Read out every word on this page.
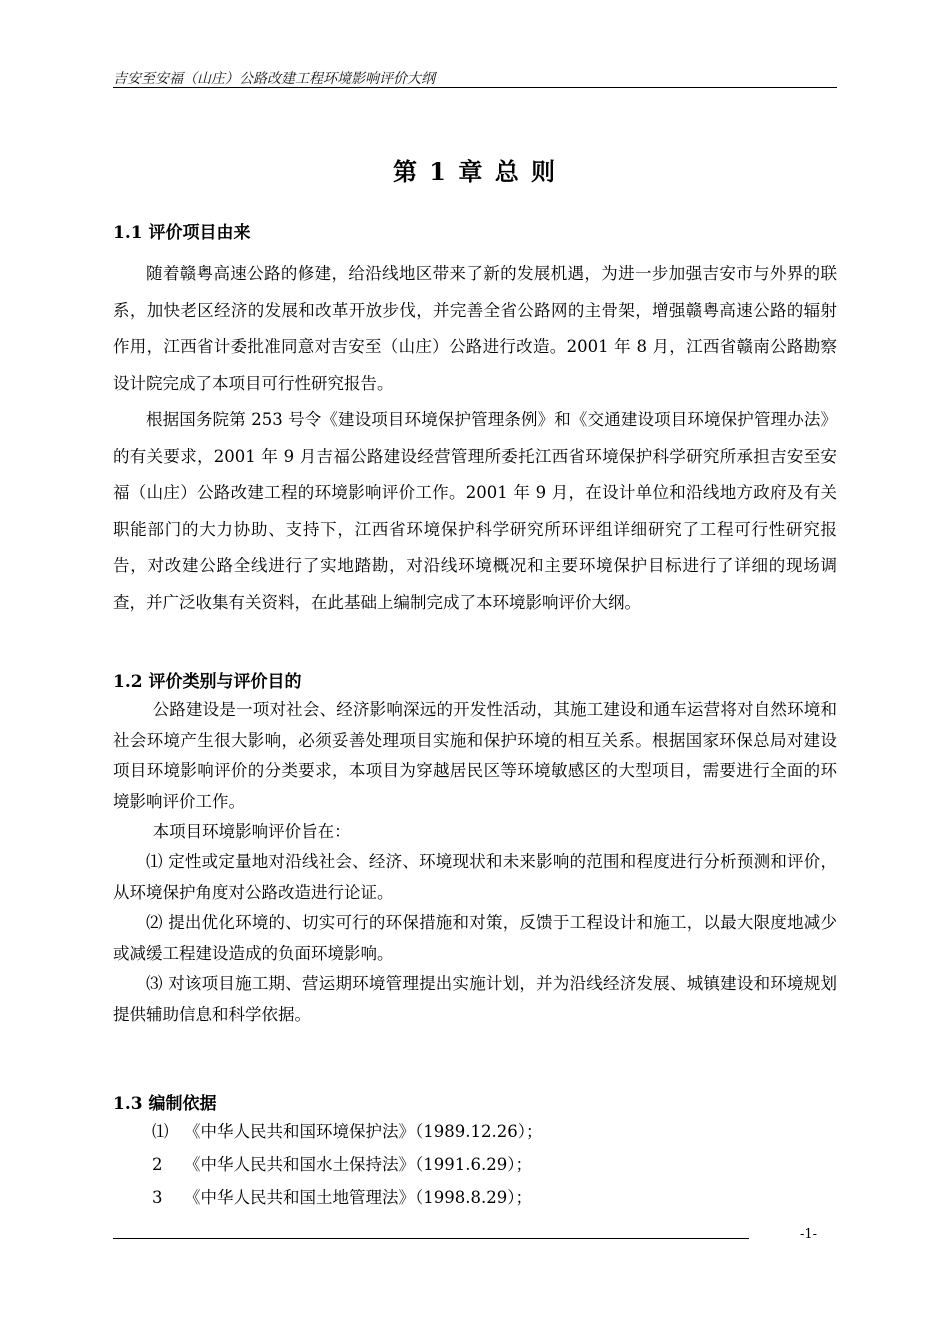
吉安至安福（山庄）公路改建工程环境影响评价大纲
第 1 章 总 则
1.1 评价项目由来

随着赣粤高速公路的修建，给沿线地区带来了新的发展机遇，为进一步加强吉安市与外界的联系，加快老区经济的发展和改革开放步伐，并完善全省公路网的主骨架，增强赣粤高速公路的辐射作用，江西省计委批准同意对吉安至（山庄）公路进行改造。2001 年 8 月，江西省赣南公路勘察设计院完成了本项目可行性研究报告。

根据国务院第 253 号令《建设项目环境保护管理条例》和《交通建设项目环境保护管理办法》的有关要求，2001 年 9 月吉福公路建设经营管理所委托江西省环境保护科学研究所承担吉安至安福（山庄）公路改建工程的环境影响评价工作。2001 年 9 月，在设计单位和沿线地方政府及有关职能部门的大力协助、支持下，江西省环境保护科学研究所环评组详细研究了工程可行性研究报告，对改建公路全线进行了实地踏勘，对沿线环境概况和主要环境保护目标进行了详细的现场调查，并广泛收集有关资料，在此基础上编制完成了本环境影响评价大纲。

1.2 评价类别与评价目的

公路建设是一项对社会、经济影响深远的开发性活动，其施工建设和通车运营将对自然环境和社会环境产生很大影响，必须妥善处理项目实施和保护环境的相互关系。根据国家环保总局对建设项目环境影响评价的分类要求，本项目为穿越居民区等环境敏感区的大型项目，需要进行全面的环境影响评价工作。

本项目环境影响评价旨在：

⑴ 定性或定量地对沿线社会、经济、环境现状和未来影响的范围和程度进行分析预测和评价，从环境保护角度对公路改造进行论证。

⑵ 提出优化环境的、切实可行的环保措施和对策，反馈于工程设计和施工，以最大限度地减少或减缓工程建设造成的负面环境影响。

⑶ 对该项目施工期、营运期环境管理提出实施计划，并为沿线经济发展、城镇建设和环境规划提供辅助信息和科学依据。

1.3 编制依据
⑴ 《中华人民共和国环境保护法》（1989.12.26）；
2 《中华人民共和国水土保持法》（1991.6.29）；
3 《中华人民共和国土地管理法》（1998.8.29）；
-1-
